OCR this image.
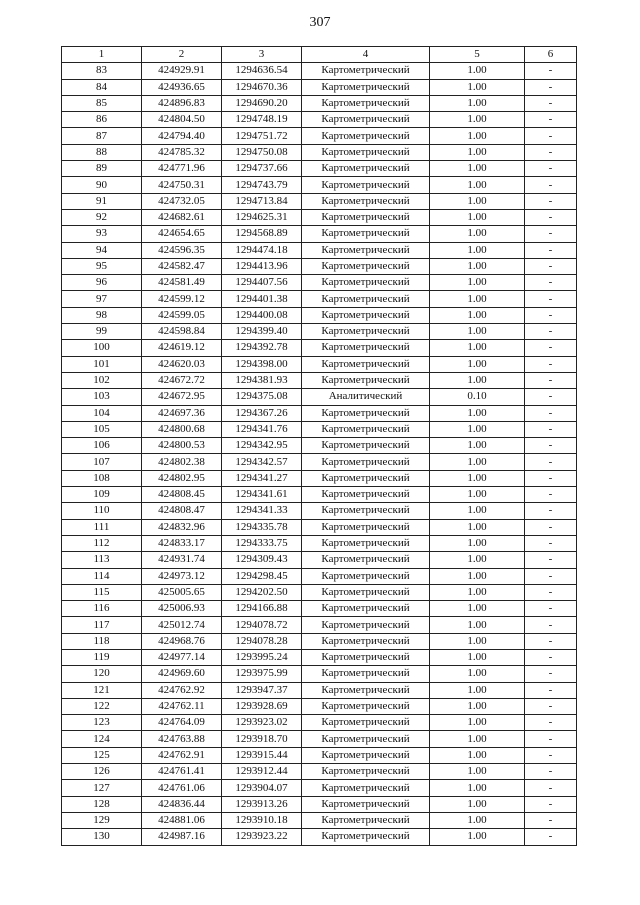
307
1	2	3	4	5	6
83	424929.91	1294636.54	Картометрический	1.00	-
84	424936.65	1294670.36	Картометрический	1.00	-
85	424896.83	1294690.20	Картометрический	1.00	-
86	424804.50	1294748.19	Картометрический	1.00	-
87	424794.40	1294751.72	Картометрический	1.00	-
88	424785.32	1294750.08	Картометрический	1.00	-
89	424771.96	1294737.66	Картометрический	1.00	-
90	424750.31	1294743.79	Картометрический	1.00	-
91	424732.05	1294713.84	Картометрический	1.00	-
92	424682.61	1294625.31	Картометрический	1.00	-
93	424654.65	1294568.89	Картометрический	1.00	-
94	424596.35	1294474.18	Картометрический	1.00	-
95	424582.47	1294413.96	Картометрический	1.00	-
96	424581.49	1294407.56	Картометрический	1.00	-
97	424599.12	1294401.38	Картометрический	1.00	-
98	424599.05	1294400.08	Картометрический	1.00	-
99	424598.84	1294399.40	Картометрический	1.00	-
100	424619.12	1294392.78	Картометрический	1.00	-
101	424620.03	1294398.00	Картометрический	1.00	-
102	424672.72	1294381.93	Картометрический	1.00	-
103	424672.95	1294375.08	Аналитический	0.10	-
104	424697.36	1294367.26	Картометрический	1.00	-
105	424800.68	1294341.76	Картометрический	1.00	-
106	424800.53	1294342.95	Картометрический	1.00	-
107	424802.38	1294342.57	Картометрический	1.00	-
108	424802.95	1294341.27	Картометрический	1.00	-
109	424808.45	1294341.61	Картометрический	1.00	-
110	424808.47	1294341.33	Картометрический	1.00	-
111	424832.96	1294335.78	Картометрический	1.00	-
112	424833.17	1294333.75	Картометрический	1.00	-
113	424931.74	1294309.43	Картометрический	1.00	-
114	424973.12	1294298.45	Картометрический	1.00	-
115	425005.65	1294202.50	Картометрический	1.00	-
116	425006.93	1294166.88	Картометрический	1.00	-
117	425012.74	1294078.72	Картометрический	1.00	-
118	424968.76	1294078.28	Картометрический	1.00	-
119	424977.14	1293995.24	Картометрический	1.00	-
120	424969.60	1293975.99	Картометрический	1.00	-
121	424762.92	1293947.37	Картометрический	1.00	-
122	424762.11	1293928.69	Картометрический	1.00	-
123	424764.09	1293923.02	Картометрический	1.00	-
124	424763.88	1293918.70	Картометрический	1.00	-
125	424762.91	1293915.44	Картометрический	1.00	-
126	424761.41	1293912.44	Картометрический	1.00	-
127	424761.06	1293904.07	Картометрический	1.00	-
128	424836.44	1293913.26	Картометрический	1.00	-
129	424881.06	1293910.18	Картометрический	1.00	-
130	424987.16	1293923.22	Картометрический	1.00	-
